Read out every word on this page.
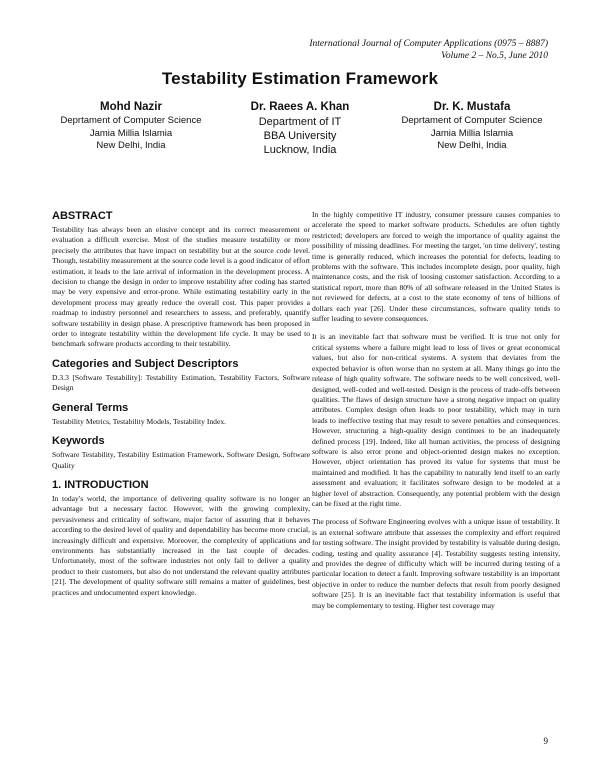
International Journal of Computer Applications (0975 – 8887)
Volume 2 – No.5, June 2010
Testability Estimation Framework
Mohd Nazir
Deprtament of Computer Science
Jamia Millia Islamia
New Delhi, India
Dr. Raees A. Khan
Department of IT
BBA University
Lucknow, India
Dr. K. Mustafa
Deprtament of Computer Science
Jamia Millia Islamia
New Delhi, India
ABSTRACT

Testability has always been an elusive concept and its correct measurement or evaluation a difficult exercise. Most of the studies measure testability or more precisely the attributes that have impact on testability but at the source code level. Though, testability measurement at the source code level is a good indicator of effort estimation, it leads to the late arrival of information in the development process. A decision to change the design in order to improve testability after coding has started may be very expensive and error-prone. While estimating testability early in the development process may greatly reduce the overall cost. This paper provides a roadmap to industry personnel and researchers to assess, and preferably, quantify software testability in design phase. A prescriptive framework has been proposed in order to integrate testability within the development life cycle. It may be used to benchmark software products according to their testability.

Categories and Subject Descriptors

D.3.3 [Software Testability]: Testability Estimation, Testability Factors, Software Design

General Terms

Testability Metrics, Testability Models, Testability Index.

Keywords

Software Testability, Testability Estimation Framework, Software Design, Software Quality

1. INTRODUCTION

In today's world, the importance of delivering quality software is no longer an advantage but a necessary factor. However, with the growing complexity, pervasiveness and criticality of software, major factor of assuring that it behaves according to the desired level of quality and dependability has become more crucial, increasingly difficult and expensive. Moreover, the complexity of applications and environments has substantially increased in the last couple of decades. Unfortunately, most of the software industries not only fail to deliver a quality product to their customers, but also do not understand the relevant quality attributes [21]. The development of quality software still remains a matter of guidelines, best practices and undocumented expert knowledge.

In the highly competitive IT industry, consumer pressure causes companies to accelerate the speed to market software products. Schedules are often tightly restricted; developers are forced to weigh the importance of quality against the possibility of missing deadlines. For meeting the target, 'on time delivery', testing time is generally reduced, which increases the potential for defects, leading to problems with the software. This includes incomplete design, poor quality, high maintenance costs, and the risk of loosing customer satisfaction. According to a statistical report, more than 80% of all software released in the United States is not reviewed for defects, at a cost to the state economy of tens of billions of dollars each year [26]. Under these circumstances, software quality tends to suffer leading to severe consequences.

It is an inevitable fact that software must be verified. It is true not only for critical systems where a failure might lead to loss of lives or great economical values, but also for non-critical systems. A system that deviates from the expected behavior is often worse than no system at all. Many things go into the release of high quality software. The software needs to be well conceived, well-designed, well-coded and well-tested. Design is the process of trade-offs between qualities. The flaws of design structure have a strong negative impact on quality attributes. Complex design often leads to poor testability, which may in turn leads to ineffective testing that may result to severe penalties and consequences. However, structuring a high-quality design continues to be an inadequately defined process [19]. Indeed, like all human activities, the process of designing software is also error prone and object-oriented design makes no exception. However, object orientation has proved its value for systems that must be maintained and modified. It has the capability to naturally lend itself to an early assessment and evaluation; it facilitates software design to be modeled at a higher level of abstraction. Consequently, any potential problem with the design can be fixed at the right time.

The process of Software Engineering evolves with a unique issue of testability. It is an external software attribute that assesses the complexity and effort required for testing software. The insight provided by testability is valuable during design, coding, testing and quality assurance [4]. Testability suggests testing intensity, and provides the degree of difficulty which will be incurred during testing of a particular location to detect a fault. Improving software testability is an important objective in order to reduce the number defects that result from poorly designed software [25]. It is an inevitable fact that testability information is useful that may be complementary to testing. Higher test coverage may

9
